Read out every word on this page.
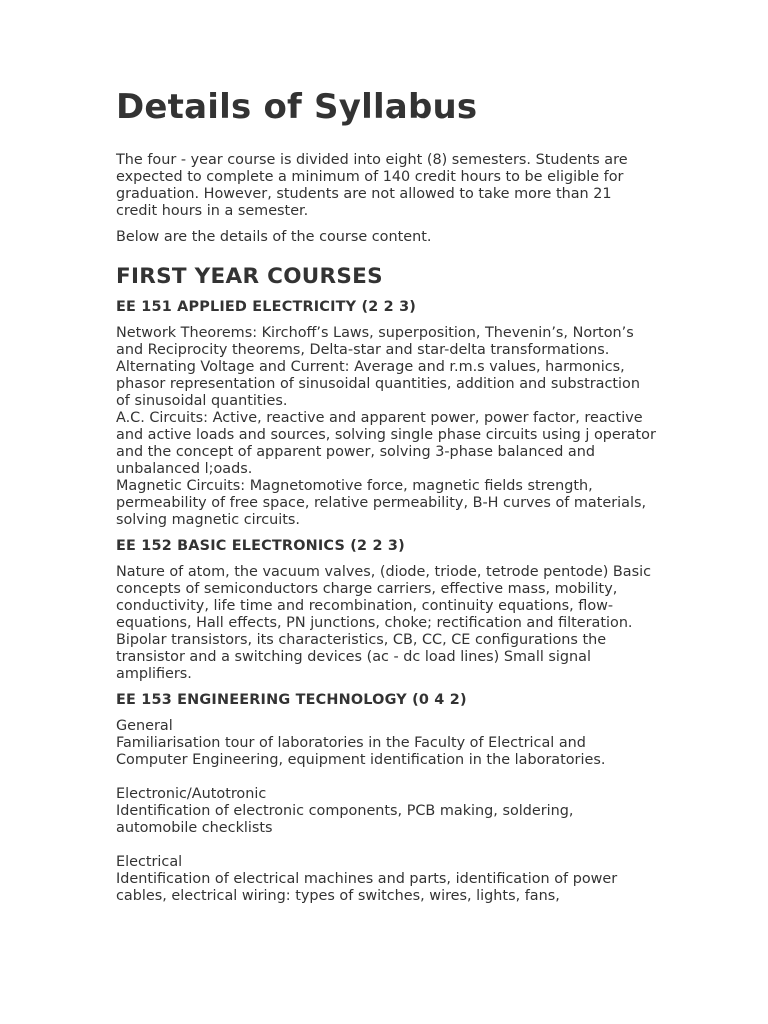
Details of Syllabus

The four - year course is divided into eight (8) semesters. Students are expected to complete a minimum of 140 credit hours to be eligible for graduation. However, students are not allowed to take more than 21 credit hours in a semester.

Below are the details of the course content.

FIRST YEAR COURSES
EE 151 APPLIED ELECTRICITY (2 2 3)

Network Theorems: Kirchoff’s Laws, superposition, Thevenin’s, Norton’s and Reciprocity theorems, Delta-star and star-delta transformations.

Alternating Voltage and Current: Average and r.m.s values, harmonics, phasor representation of sinusoidal quantities, addition and substraction of sinusoidal quantities.

A.C. Circuits: Active, reactive and apparent power, power factor, reactive and active loads and sources, solving single phase circuits using j operator and the concept of apparent power, solving 3-phase balanced and unbalanced l;oads.

Magnetic Circuits: Magnetomotive force, magnetic fields strength, permeability of free space, relative permeability, B-H curves of materials, solving magnetic circuits.

EE 152 BASIC ELECTRONICS (2 2 3)

Nature of atom, the vacuum valves, (diode, triode, tetrode pentode) Basic concepts of semiconductors charge carriers, effective mass, mobility, conductivity, life time and recombination, continuity equations, flow-equations, Hall effects, PN junctions, choke; rectification and filteration. Bipolar transistors, its characteristics, CB, CC, CE configurations the transistor and a switching devices (ac - dc load lines) Small signal amplifiers.

EE 153 ENGINEERING TECHNOLOGY (0 4 2)

General

Familiarisation tour of laboratories in the Faculty of Electrical and Computer Engineering, equipment identification in the laboratories.

Electronic/Autotronic

Identification of electronic components, PCB making, soldering, automobile checklists

Electrical

Identification of electrical machines and parts, identification of power cables, electrical wiring: types of switches, wires, lights, fans,
